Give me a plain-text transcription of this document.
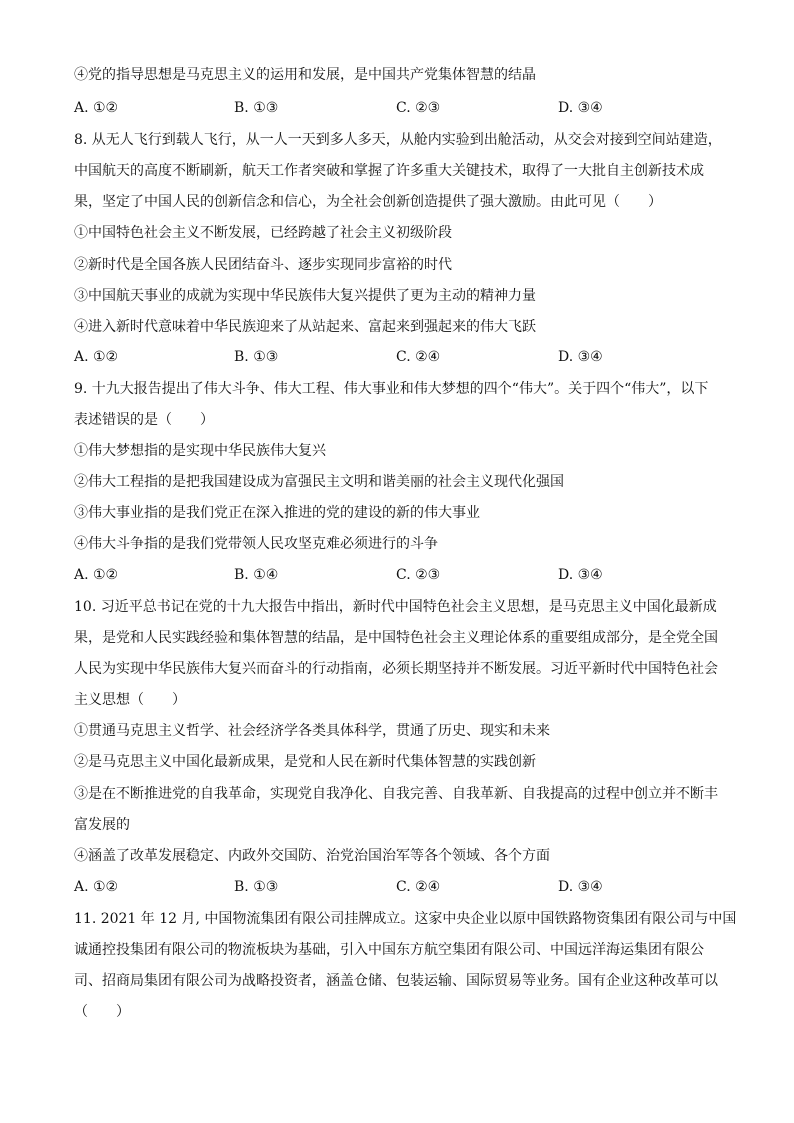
④党的指导思想是马克思主义的运用和发展，是中国共产党集体智慧的结晶
A. ①②	B. ①③	C. ②③	D. ③④
8. 从无人飞行到载人飞行，从一人一天到多人多天，从舱内实验到出舱活动，从交会对接到空间站建造，
中国航天的高度不断刷新，航天工作者突破和掌握了许多重大关键技术，取得了一大批自主创新技术成
果，坚定了中国人民的创新信念和信心，为全社会创新创造提供了强大激励。由此可见（　　）
①中国特色社会主义不断发展，已经跨越了社会主义初级阶段
②新时代是全国各族人民团结奋斗、逐步实现同步富裕的时代
③中国航天事业的成就为实现中华民族伟大复兴提供了更为主动的精神力量
④进入新时代意味着中华民族迎来了从站起来、富起来到强起来的伟大飞跃
A. ①②	B. ①③	C. ②④	D. ③④
9. 十九大报告提出了伟大斗争、伟大工程、伟大事业和伟大梦想的四个“伟大”。关于四个“伟大”，以下
表述错误的是（　　）
①伟大梦想指的是实现中华民族伟大复兴
②伟大工程指的是把我国建设成为富强民主文明和谐美丽的社会主义现代化强国
③伟大事业指的是我们党正在深入推进的党的建设的新的伟大事业
④伟大斗争指的是我们党带领人民攻坚克难必须进行的斗争
A. ①②	B. ①④	C. ②③	D. ③④
10. 习近平总书记在党的十九大报告中指出，新时代中国特色社会主义思想，是马克思主义中国化最新成
果，是党和人民实践经验和集体智慧的结晶，是中国特色社会主义理论体系的重要组成部分，是全党全国
人民为实现中华民族伟大复兴而奋斗的行动指南，必须长期坚持并不断发展。习近平新时代中国特色社会
主义思想（　　）
①贯通马克思主义哲学、社会经济学各类具体科学，贯通了历史、现实和未来
②是马克思主义中国化最新成果，是党和人民在新时代集体智慧的实践创新
③是在不断推进党的自我革命，实现党自我净化、自我完善、自我革新、自我提高的过程中创立并不断丰
富发展的
④涵盖了改革发展稳定、内政外交国防、治党治国治军等各个领域、各个方面
A. ①②	B. ①③	C. ②④	D. ③④
11. 2021 年 12 月, 中国物流集团有限公司挂牌成立。这家中央企业以原中国铁路物资集团有限公司与中国
诚通控投集团有限公司的物流板块为基础，引入中国东方航空集团有限公司、中国远洋海运集团有限公
司、招商局集团有限公司为战略投资者，涵盖仓储、包装运输、国际贸易等业务。国有企业这种改革可以
（　　）
